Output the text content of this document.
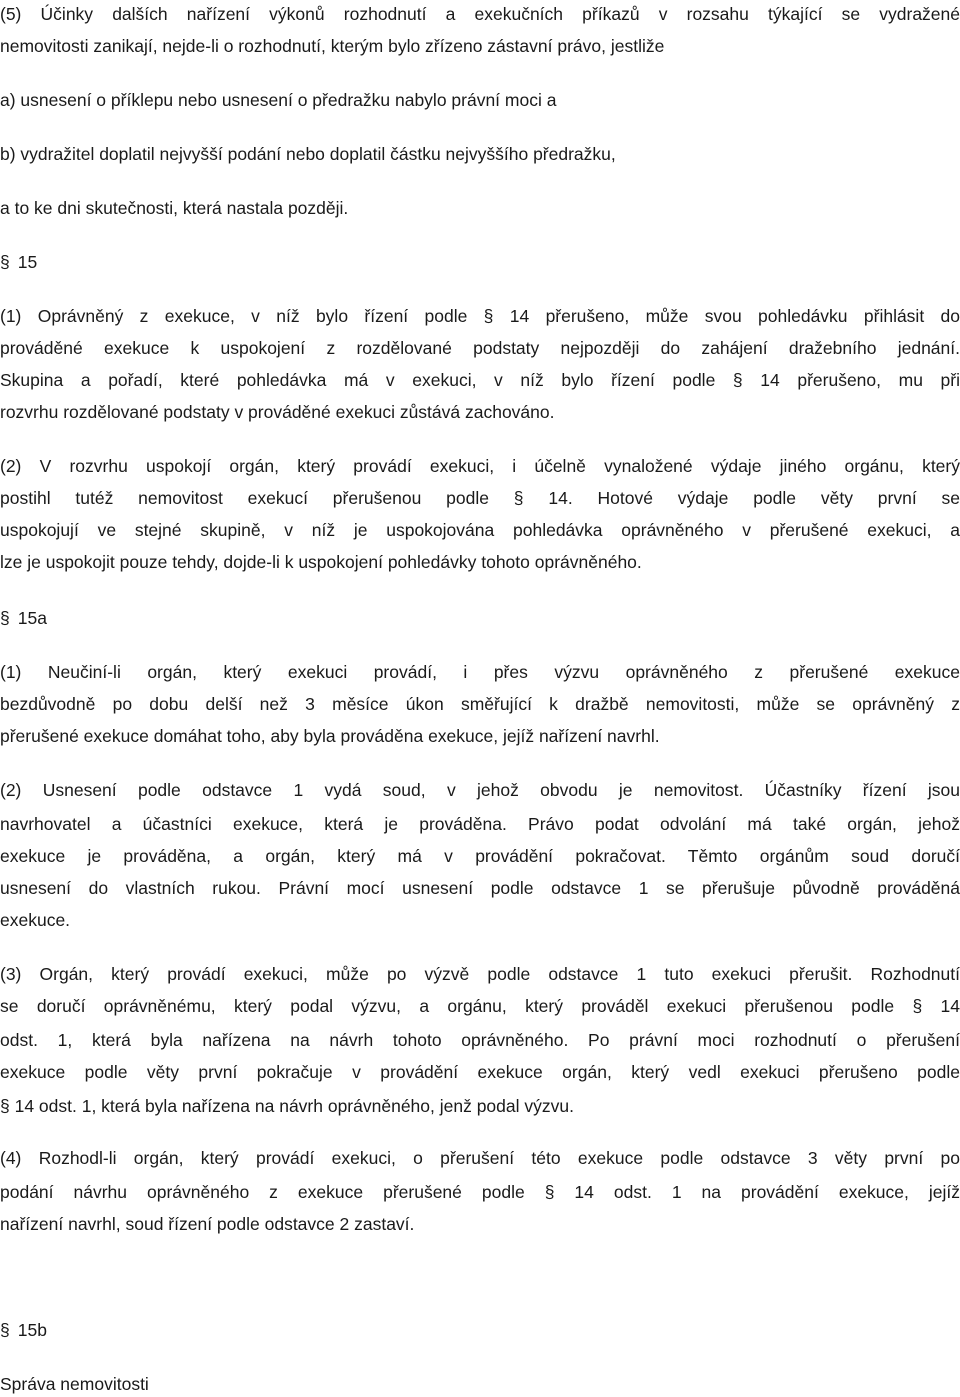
(5) Účinky dalších nařízení výkonů rozhodnutí a exekučních příkazů v rozsahu týkající se vydražené
nemovitosti zanikají, nejde-li o rozhodnutí, kterým bylo zřízeno zástavní právo, jestliže
a) usnesení o příklepu nebo usnesení o předražku nabylo právní moci a
b) vydražitel doplatil nejvyšší podání nebo doplatil částku nejvyššího předražku,
a to ke dni skutečnosti, která nastala později.
§ 15
(1) Oprávněný z exekuce, v níž bylo řízení podle § 14 přerušeno, může svou pohledávku přihlásit do
prováděné exekuce k uspokojení z rozdělované podstaty nejpozději do zahájení dražebního jednání.
Skupina a pořadí, které pohledávka má v exekuci, v níž bylo řízení podle § 14 přerušeno, mu při
rozvrhu rozdělované podstaty v prováděné exekuci zůstává zachováno.
(2) V rozvrhu uspokojí orgán, který provádí exekuci, i účelně vynaložené výdaje jiného orgánu, který
postihl tutéž nemovitost exekucí přerušenou podle § 14. Hotové výdaje podle věty první se
uspokojují ve stejné skupině, v níž je uspokojována pohledávka oprávněného v přerušené exekuci, a
lze je uspokojit pouze tehdy, dojde-li k uspokojení pohledávky tohoto oprávněného.
§ 15a
(1) Neučiní-li orgán, který exekuci provádí, i přes výzvu oprávněného z přerušené exekuce
bezdůvodně po dobu delší než 3 měsíce úkon směřující k dražbě nemovitosti, může se oprávněný z
přerušené exekuce domáhat toho, aby byla prováděna exekuce, jejíž nařízení navrhl.
(2) Usnesení podle odstavce 1 vydá soud, v jehož obvodu je nemovitost. Účastníky řízení jsou
navrhovatel a účastníci exekuce, která je prováděna. Právo podat odvolání má také orgán, jehož
exekuce je prováděna, a orgán, který má v provádění pokračovat. Těmto orgánům soud doručí
usnesení do vlastních rukou. Právní mocí usnesení podle odstavce 1 se přerušuje původně prováděná
exekuce.
(3) Orgán, který provádí exekuci, může po výzvě podle odstavce 1 tuto exekuci přerušit. Rozhodnutí
se doručí oprávněnému, který podal výzvu, a orgánu, který prováděl exekuci přerušenou podle § 14
odst. 1, která byla nařízena na návrh tohoto oprávněného. Po právní moci rozhodnutí o přerušení
exekuce podle věty první pokračuje v provádění exekuce orgán, který vedl exekuci přerušeno podle
§ 14 odst. 1, která byla nařízena na návrh oprávněného, jenž podal výzvu.
(4) Rozhodl-li orgán, který provádí exekuci, o přerušení této exekuce podle odstavce 3 věty první po
podání návrhu oprávněného z exekuce přerušené podle § 14 odst. 1 na provádění exekuce, jejíž
nařízení navrhl, soud řízení podle odstavce 2 zastaví.
§ 15b
Správa nemovitosti
